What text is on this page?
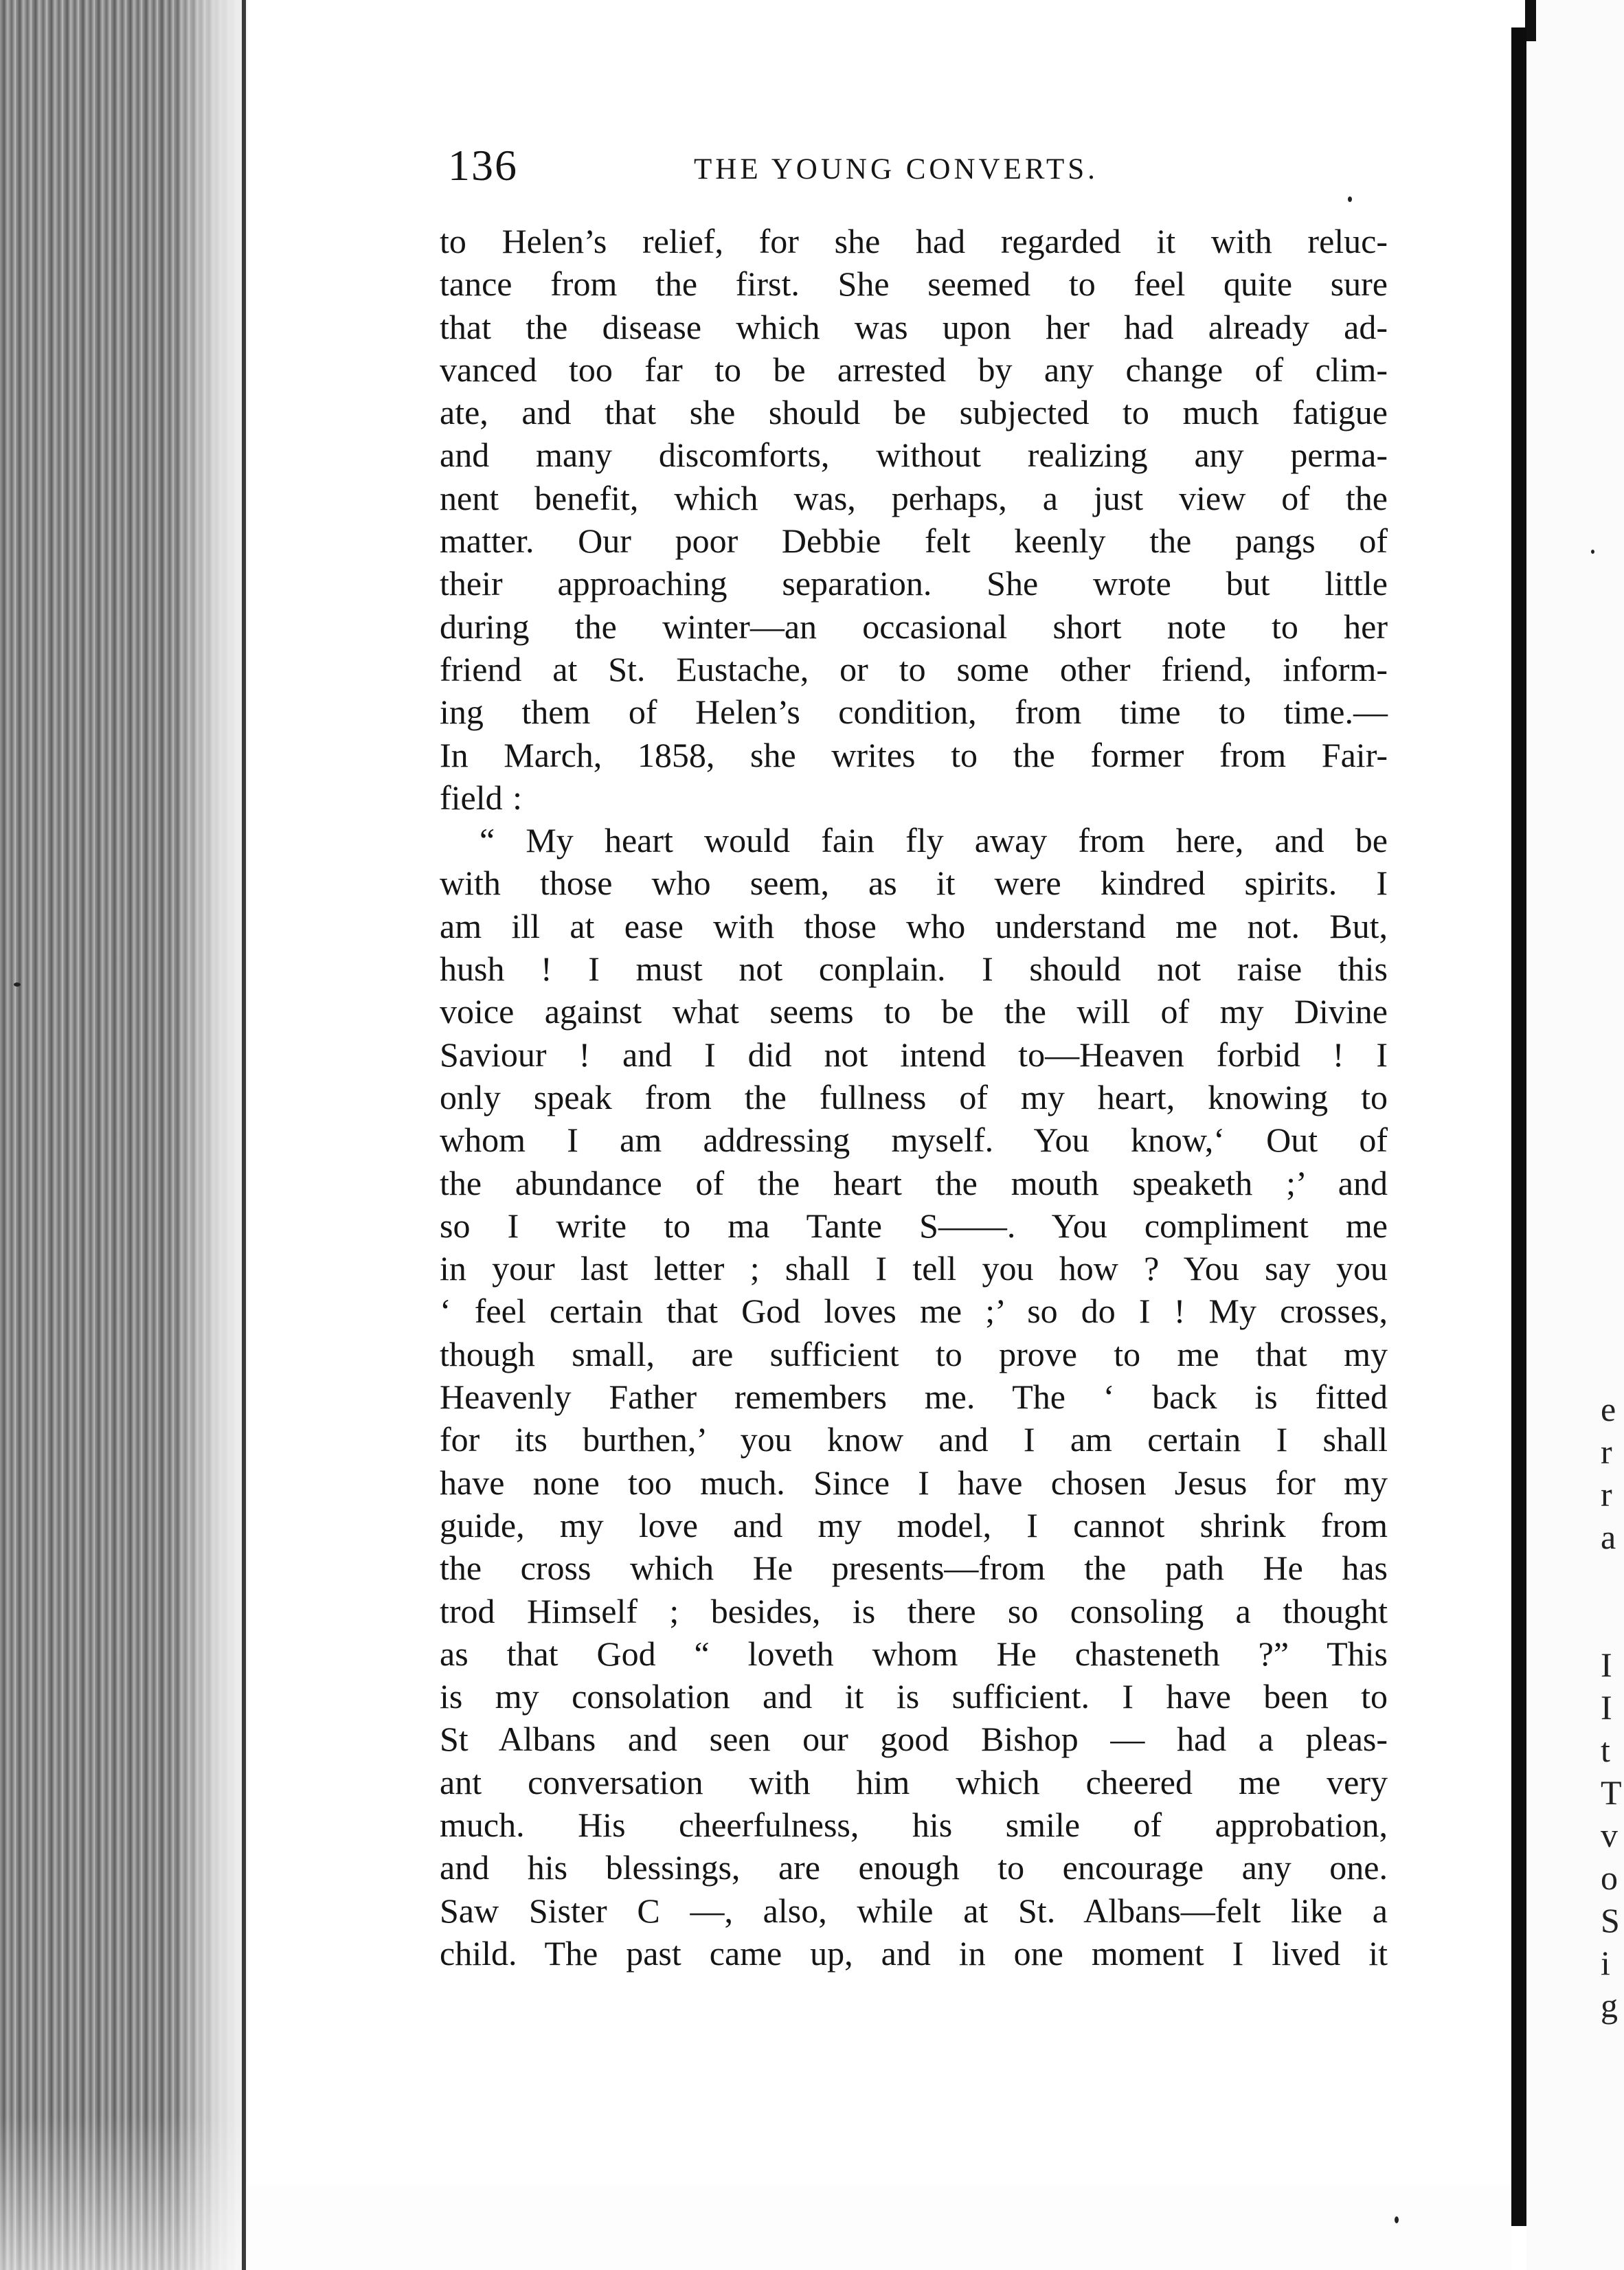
e
r
r
a
I
I
t
T
v
o
S
i
g
136	THE YOUNG CONVERTS.
to Helen’s relief, for she had regarded it with reluc-
tance from the first. She seemed to feel quite sure
that the disease which was upon her had already ad-
vanced too far to be arrested by any change of clim-
ate, and that she should be subjected to much fatigue
and many discomforts, without realizing any perma-
nent benefit, which was, perhaps, a just view of the
matter. Our poor Debbie felt keenly the pangs of
their approaching separation. She wrote but little
during the winter—an occasional short note to her
friend at St. Eustache, or to some other friend, inform-
ing them of Helen’s condition, from time to time.—
In March, 1858, she writes to the former from Fair-
field :
“ My heart would fain fly away from here, and be
with those who seem, as it were kindred spirits. I
am ill at ease with those who understand me not. But,
hush ! I must not conplain. I should not raise this
voice against what seems to be the will of my Divine
Saviour ! and I did not intend to—Heaven forbid ! I
only speak from the fullness of my heart, knowing to
whom I am addressing myself. You know,‘ Out of
the abundance of the heart the mouth speaketh ;’ and
so I write to ma Tante S——. You compliment me
in your last letter ; shall I tell you how ? You say you
‘ feel certain that God loves me ;’ so do I ! My crosses,
though small, are sufficient to prove to me that my
Heavenly Father remembers me. The ‘ back is fitted
for its burthen,’ you know and I am certain I shall
have none too much. Since I have chosen Jesus for my
guide, my love and my model, I cannot shrink from
the cross which He presents—from the path He has
trod Himself ; besides, is there so consoling a thought
as that God “ loveth whom He chasteneth ?” This
is my consolation and it is sufficient. I have been to
St Albans and seen our good Bishop — had a pleas-
ant conversation with him which cheered me very
much. His cheerfulness, his smile of approbation,
and his blessings, are enough to encourage any one.
Saw Sister C —, also, while at St. Albans—felt like a
child. The past came up, and in one moment I lived it
